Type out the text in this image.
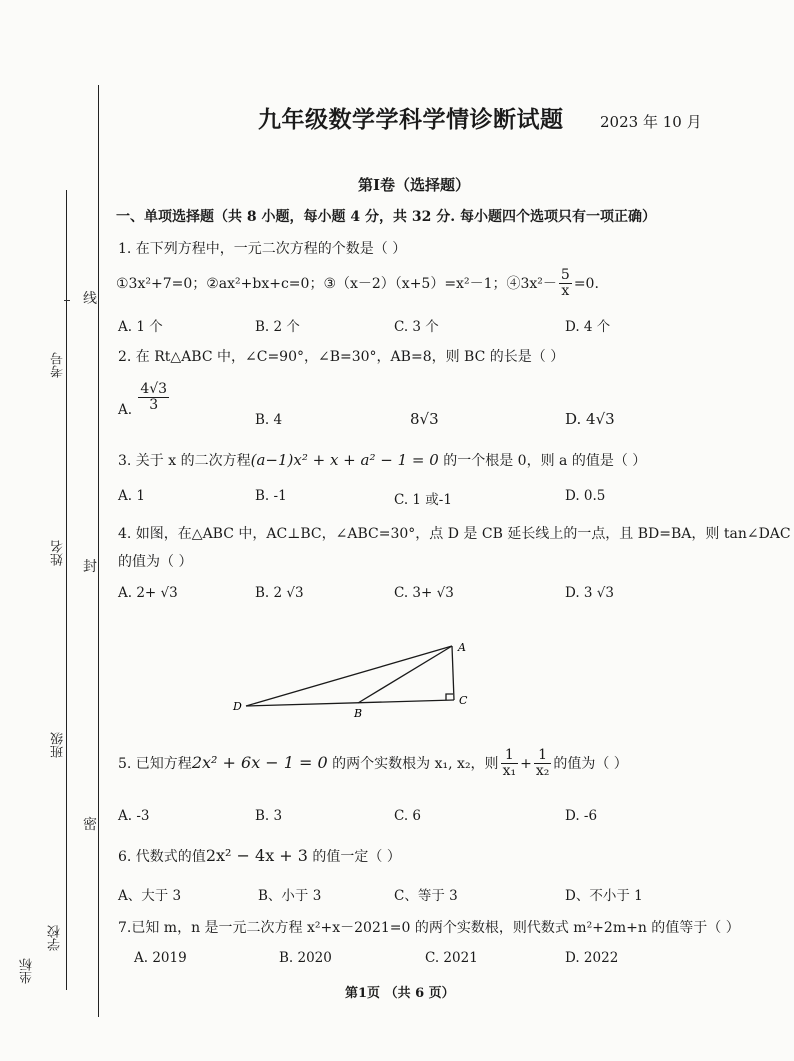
考号
姓名
班级
学校
坐标
线
封
密
九年级数学学科学情诊断试题 2023 年 10 月
第Ⅰ卷（选择题）
一、单项选择题（共 8 小题，每小题 4 分，共 32 分. 每小题四个选项只有一项正确）
1. 在下列方程中，一元二次方程的个数是（ ）
①3x²+7=0；②ax²+bx+c=0；③（x－2）（x+5）=x²－1；④3x²－ $\frac{5}{x} =0$.
A. 1 个	B. 2 个	C. 3 个	D. 4 个
2. 在 Rt△ABC 中，∠C=90°，∠B=30°，AB=8，则 BC 的长是（ ）
A. $\frac{4√3}{3}$
B. 4	8√3	D. 4√3
3. 关于 x 的二次方程(a−1)x² + x + a² − 1 = 0 的一个根是 0，则 a 的值是（ ）
A. 1	B. -1	C. 1 或-1	D. 0.5
4. 如图，在△ABC 中，AC⊥BC，∠ABC=30°，点 D 是 CB 延长线上的一点，且 BD=BA，则 tan∠DAC
的值为（ ）
A. 2+ √3	B. 2 √3	C. 3+ √3	D. 3 √3
A
C
B
D
5. 已知方程2x² + 6x − 1 = 0 的两个实数根为 x₁, x₂，则 $\frac{1}{\text{x₁}} + \frac{1}{\text{x₂}}$ 的值为（ ）
A. -3	B. 3	C. 6	D. -6
6. 代数式的值2x² − 4x + 3 的值一定（ ）
A、大于 3	B、小于 3	C、等于 3	D、不小于 1
7.已知 m，n 是一元二次方程 x²+x－2021=0 的两个实数根，则代数式 m²+2m+n 的值等于（ ）
A. 2019	B. 2020	C. 2021	D. 2022
第1页 （共 6 页）
